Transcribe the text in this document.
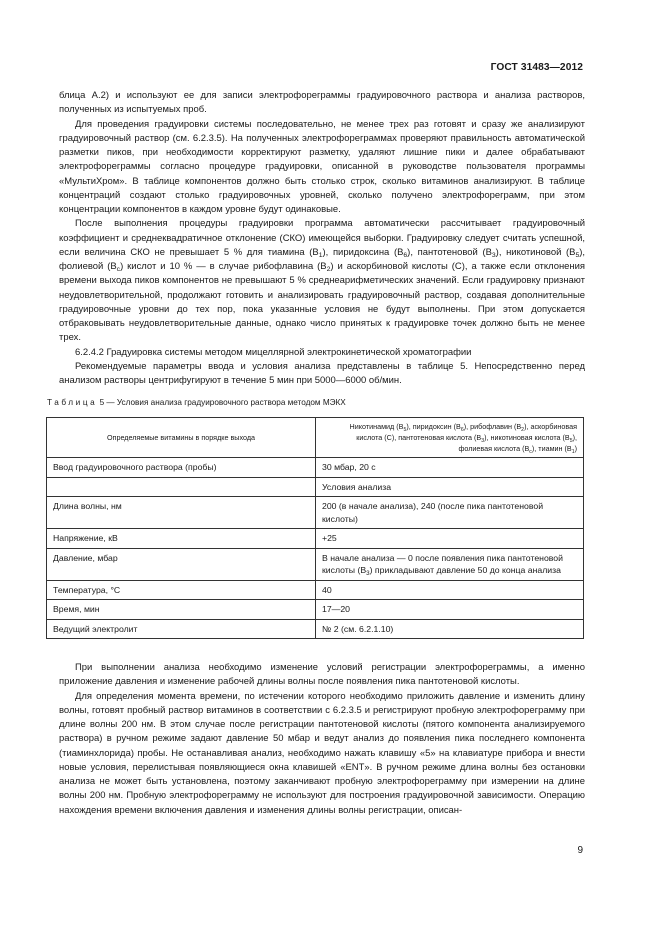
ГОСТ 31483—2012

блица А.2) и используют ее для записи электрофореграммы градуировочного раствора и анализа растворов, полученных из испытуемых проб.

Для проведения градуировки системы последовательно, не менее трех раз готовят и сразу же анализируют градуировочный раствор (см. 6.2.3.5). На полученных электрофореграммах проверяют правильность автоматической разметки пиков, при необходимости корректируют разметку, удаляют лишние пики и далее обрабатывают электрофореграммы согласно процедуре градуировки, описанной в руководстве пользователя программы «МультиХром». В таблице компонентов должно быть столько строк, сколько витаминов анализируют. В таблице концентраций создают столько градуировочных уровней, сколько получено электрофореграмм, при этом концентрации компонентов в каждом уровне будут одинаковые.

После выполнения процедуры градуировки программа автоматически рассчитывает градуировочный коэффициент и среднеквадратичное отклонение (СКО) имеющейся выборки. Градуировку следует считать успешной, если величина СКО не превышает 5 % для тиамина $(B_1)$, пиридоксина $(B_6)$, пантотеновой $(B_3)$, никотиновой $(B_5)$, фолиевой $(B_c)$ кислот и 10 % — в случае рибофлавина $(B_2)$ и аскорбиновой кислоты (С), а также если отклонения времени выхода пиков компонентов не превышают 5 % среднеарифметических значений. Если градуировку признают неудовлетворительной, продолжают готовить и анализировать градуировочный раствор, создавая дополнительные градуировочные уровни до тех пор, пока указанные условия не будут выполнены. При этом допускается отбраковывать неудовлетворительные данные, однако число принятых к градуировке точек должно быть не менее трех.

6.2.4.2 Градуировка системы методом мицеллярной электрокинетической хроматографии

Рекомендуемые параметры ввода и условия анализа представлены в таблице 5. Непосредственно перед анализом растворы центрифугируют в течение 5 мин при 5000—6000 об/мин.

Таблица 5 — Условия анализа градуировочного раствора методом МЭКХ
Определяемые витамины в порядке выхода	Никотинамид $(B_5)$, пиридоксин $(B_6)$, рибофлавин $(B_2)$, аскорбиновая кислота (С), пантотеновая кислота $(B_3)$, никотиновая кислота $(B_5)$, фолиевая кислота $(B_c)$, тиамин $(B_1)$
Ввод градуировочного раствора (пробы)	30 мбар, 20 с
	Условия анализа
Длина волны, нм	200 (в начале анализа), 240 (после пика пантотеновой кислоты)
Напряжение, кВ	+25
Давление, мбар	В начале анализа — 0 после появления пика пантотеновой кислоты $(B_3)$ прикладывают давление 50 до конца анализа
Температура, °С	40
Время, мин	17—20
Ведущий электролит	№ 2 (см. 6.2.1.10)

При выполнении анализа необходимо изменение условий регистрации электрофореграммы, а именно приложение давления и изменение рабочей длины волны после появления пика пантотеновой кислоты.

Для определения момента времени, по истечении которого необходимо приложить давление и изменить длину волны, готовят пробный раствор витаминов в соответствии с 6.2.3.5 и регистрируют пробную электрофореграмму при длине волны 200 нм. В этом случае после регистрации пантотеновой кислоты (пятого компонента анализируемого раствора) в ручном режиме задают давление 50 мбар и ведут анализ до появления пика последнего компонента (тиаминхлорида) пробы. Не останавливая анализ, необходимо нажать клавишу «5» на клавиатуре прибора и внести новые условия, перелистывая появляющиеся окна клавишей «ENT». В ручном режиме длина волны без остановки анализа не может быть установлена, поэтому заканчивают пробную электрофореграмму при измерении на длине волны 200 нм. Пробную электрофореграмму не используют для построения градуировочной зависимости. Операцию нахождения времени включения давления и изменения длины волны регистрации, описан-

9
